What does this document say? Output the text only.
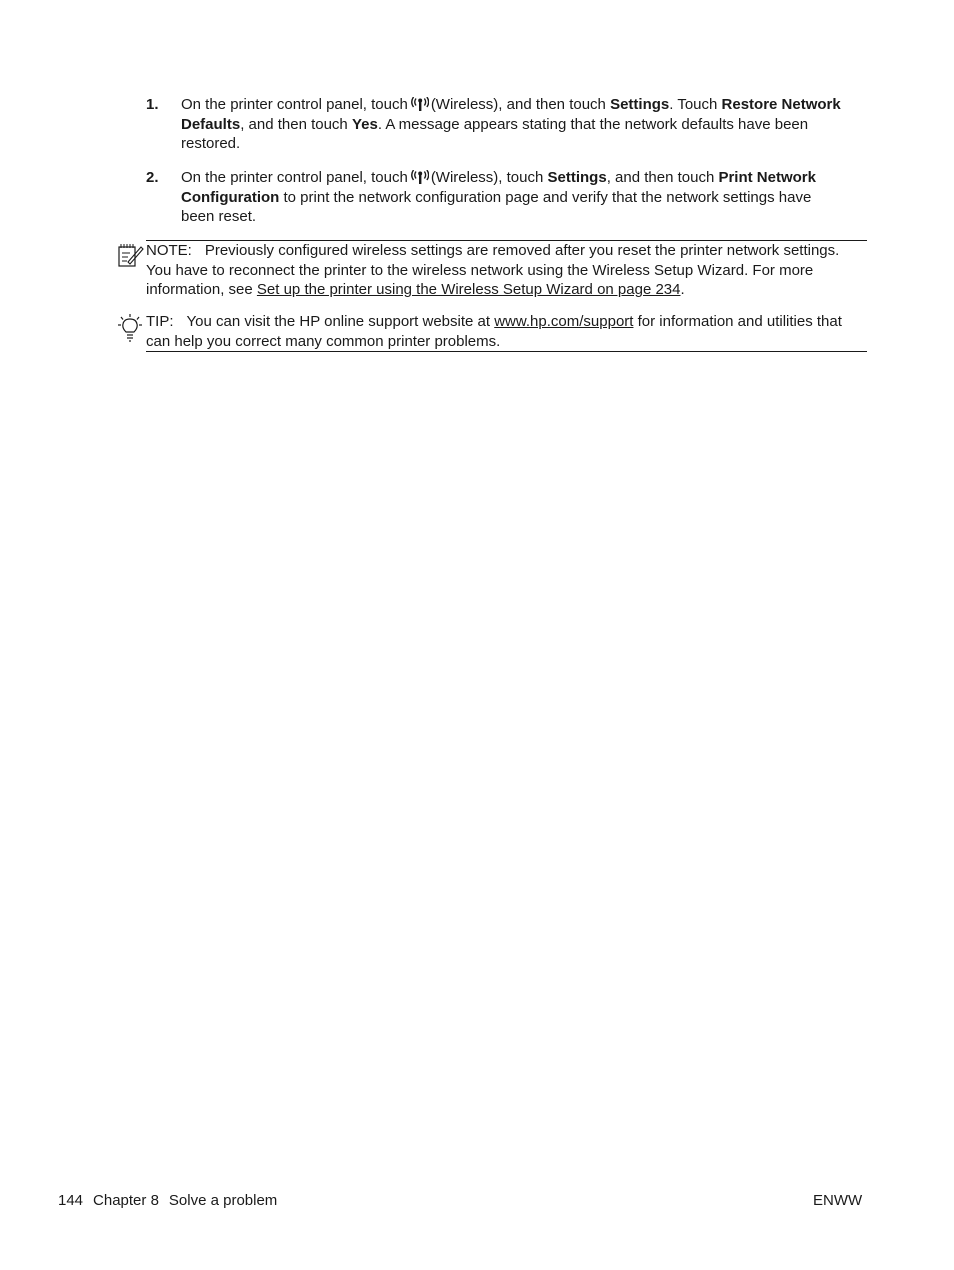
1. On the printer control panel, touch (Wireless), and then touch Settings. Touch Restore Network Defaults, and then touch Yes. A message appears stating that the network defaults have been restored.
2. On the printer control panel, touch (Wireless), touch Settings, and then touch Print Network Configuration to print the network configuration page and verify that the network settings have been reset.
NOTE: Previously configured wireless settings are removed after you reset the printer network settings. You have to reconnect the printer to the wireless network using the Wireless Setup Wizard. For more information, see Set up the printer using the Wireless Setup Wizard on page 234.
TIP: You can visit the HP online support website at www.hp.com/support for information and utilities that can help you correct many common printer problems.
144 Chapter 8 Solve a problem	ENWW
